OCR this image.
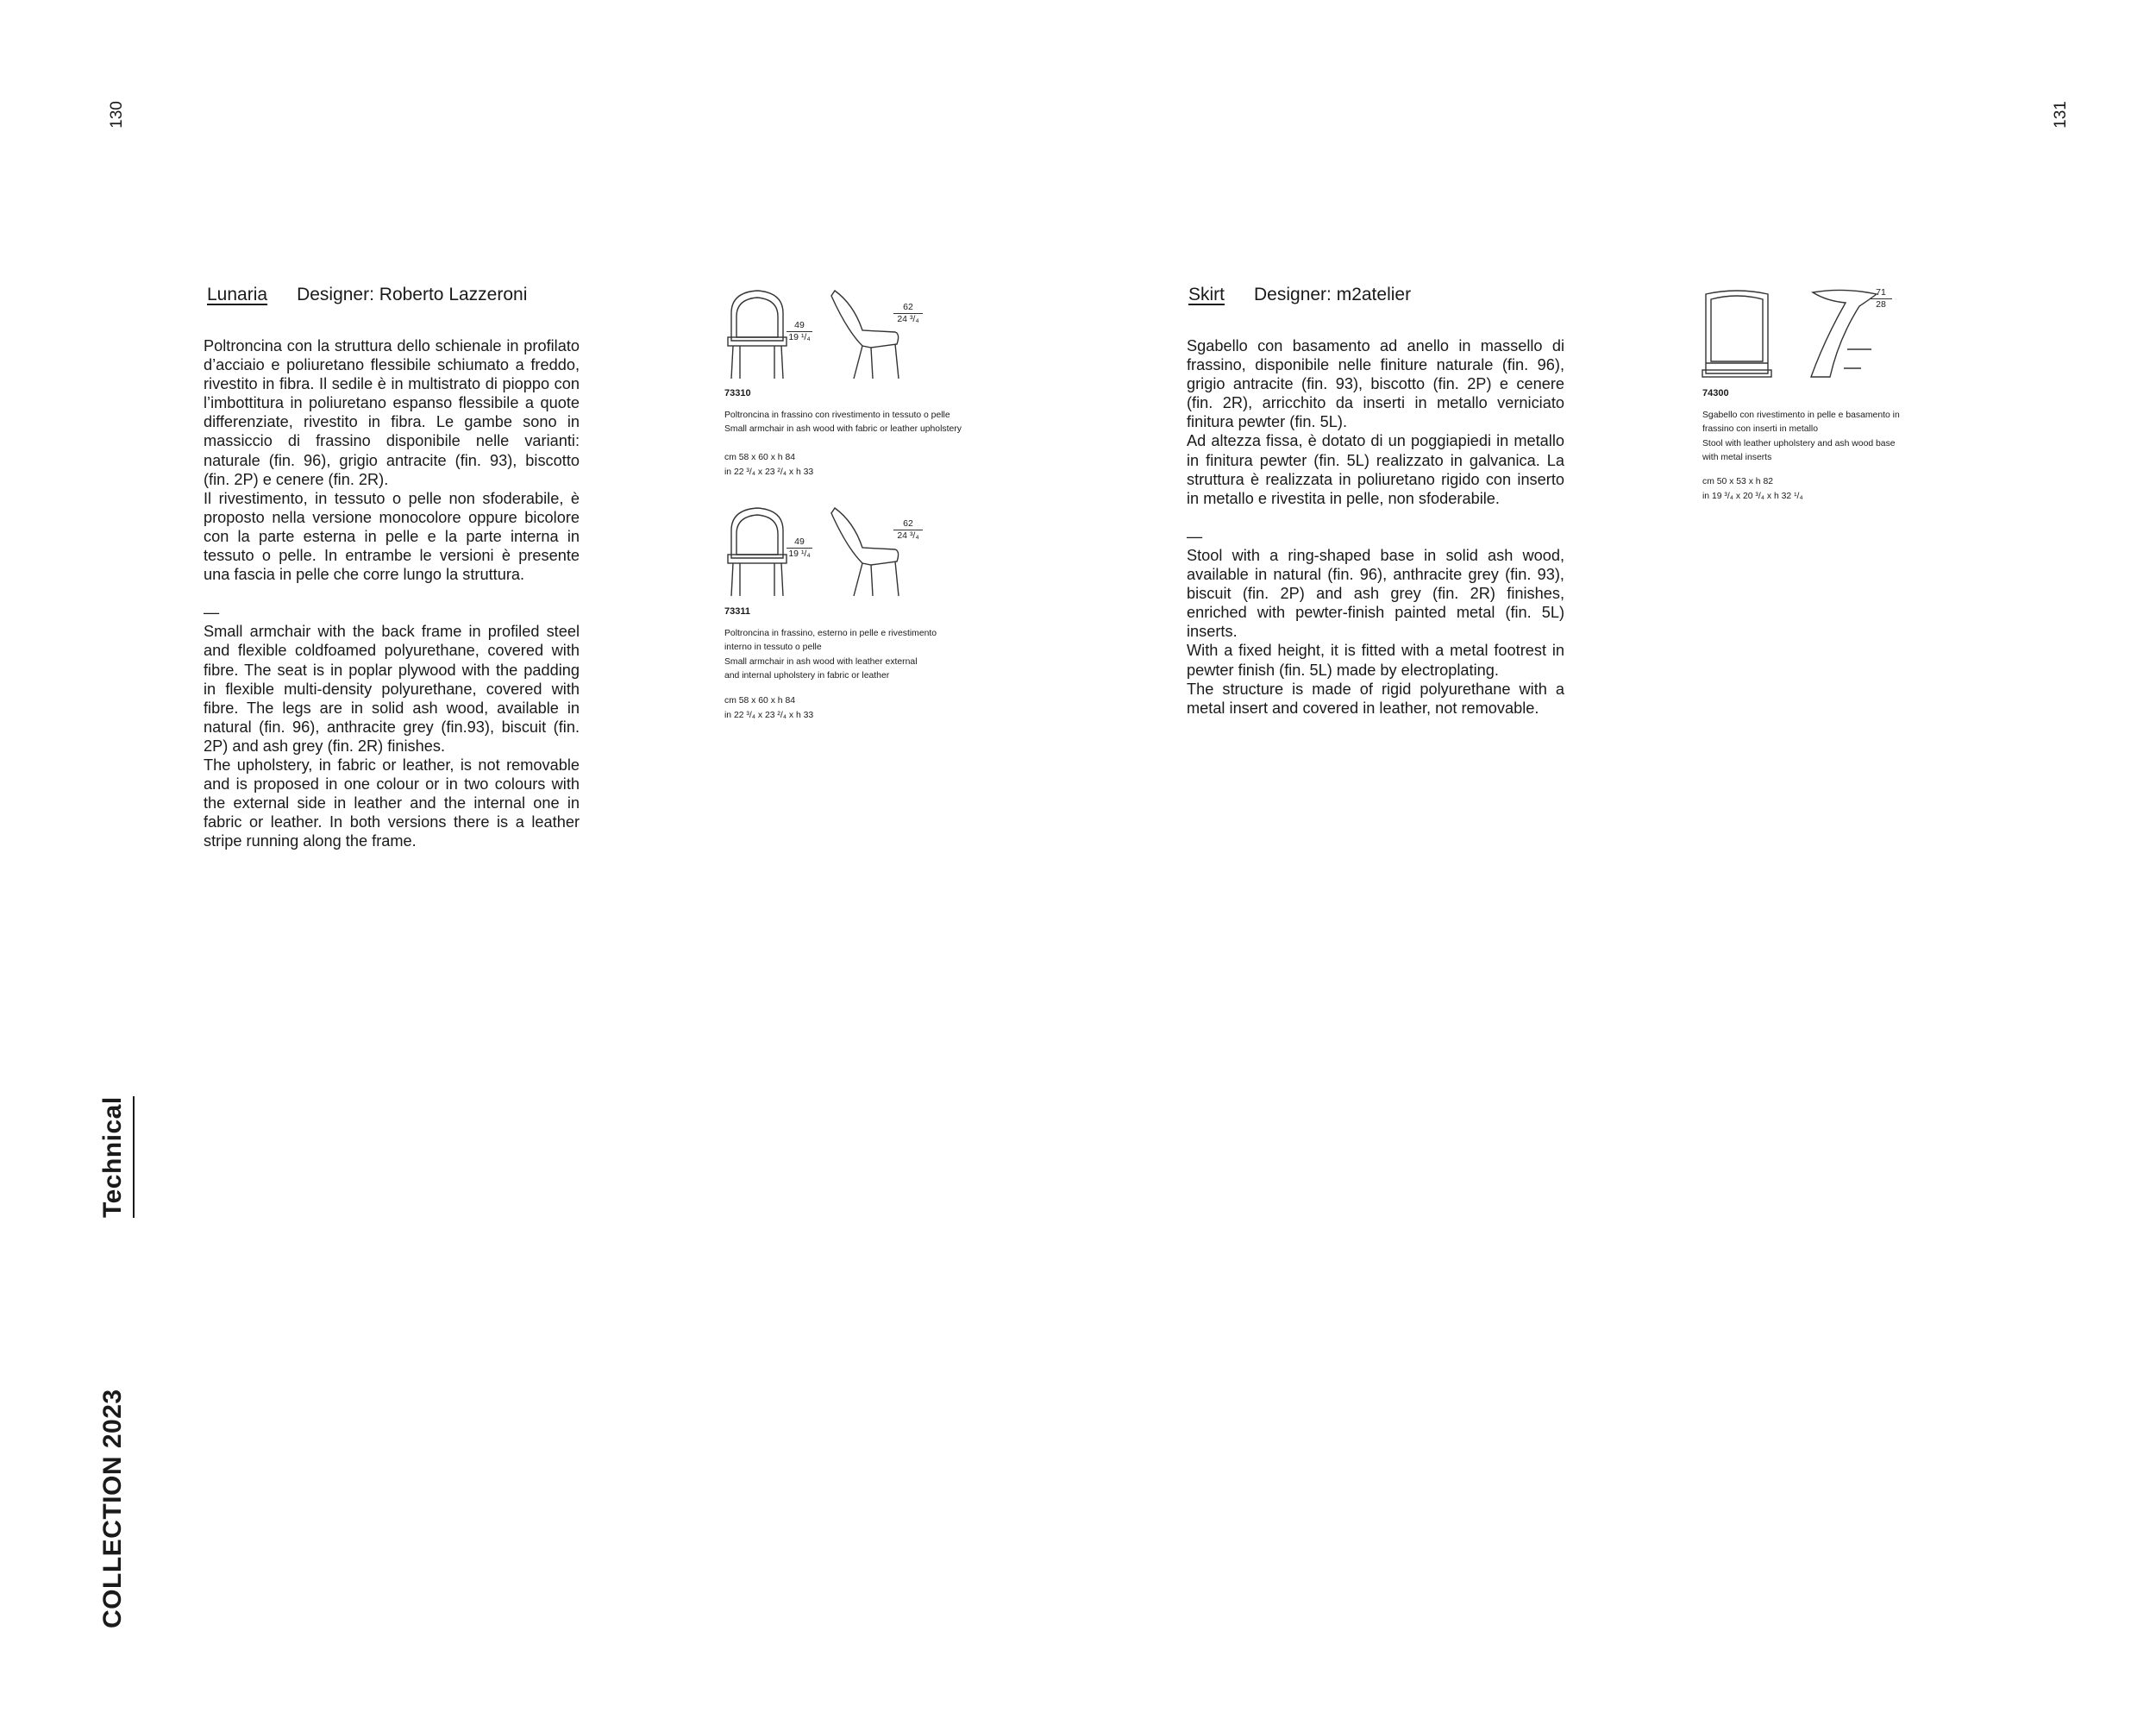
130	131
COLLECTION 2023
Technical
Lunaria Designer: Roberto Lazzeroni

Poltroncina con la struttura dello schienale in profilato d’acciaio e poliuretano flessibile schiumato a freddo, rivestito in fibra. Il sedile è in multistrato di pioppo con l’imbottitura in poliuretano espanso flessibile a quote differenziate, rivestito in fibra. Le gambe sono in massiccio di frassino disponibile nelle varianti: naturale (fin. 96), grigio antracite (fin. 93), biscotto (fin. 2P) e cenere (fin. 2R).

Il rivestimento, in tessuto o pelle non sfoderabile, è proposto nella versione monocolore oppure bicolore con la parte esterna in pelle e la parte interna in tessuto o pelle. In entrambe le versioni è presente una fascia in pelle che corre lungo la struttura.

—

Small armchair with the back frame in profiled steel and flexible coldfoamed polyurethane, covered with fibre. The seat is in poplar plywood with the padding in flexible multi-density polyurethane, covered with fibre. The legs are in solid ash wood, available in natural (fin. 96), anthracite grey (fin.93), biscuit (fin. 2P) and ash grey (fin. 2R) finishes.

The upholstery, in fabric or leather, is not removable and is proposed in one colour or in two colours with the external side in leather and the internal one in fabric or leather. In both versions there is a leather stripe running along the frame.

49
19 ¹/₄
62
24 ³/₄
73310
Poltroncina in frassino con rivestimento in tessuto o pelle
Small armchair in ash wood with fabric or leather upholstery
cm 58 x 60 x h 84
in 22 ³/₄ x 23 ²/₄ x h 33
49
19 ¹/₄
62
24 ³/₄
73311
Poltroncina in frassino, esterno in pelle e rivestimento
interno in tessuto o pelle
Small armchair in ash wood with leather external
and internal upholstery in fabric or leather
cm 58 x 60 x h 84
in 22 ³/₄ x 23 ²/₄ x h 33
Skirt Designer: m2atelier

Sgabello con basamento ad anello in massello di frassino, disponibile nelle finiture naturale (fin. 96), grigio antracite (fin. 93), biscotto (fin. 2P) e cenere (fin. 2R), arricchito da inserti in metallo verniciato finitura pewter (fin. 5L).

Ad altezza fissa, è dotato di un poggiapiedi in metallo in finitura pewter (fin. 5L) realizzato in galvanica. La struttura è realizzata in poliuretano rigido con inserto in metallo e rivestita in pelle, non sfoderabile.

—

Stool with a ring-shaped base in solid ash wood, available in natural (fin. 96), anthracite grey (fin. 93), biscuit (fin. 2P) and ash grey (fin. 2R) finishes, enriched with pewter-finish painted metal (fin. 5L) inserts.

With a fixed height, it is fitted with a metal footrest in pewter finish (fin. 5L) made by electroplating.

The structure is made of rigid polyurethane with a metal insert and covered in leather, not removable.

71
28
74300
Sgabello con rivestimento in pelle e basamento in
frassino con inserti in metallo
Stool with leather upholstery and ash wood base
with metal inserts
cm 50 x 53 x h 82
in 19 ³/₄ x 20 ³/₄ x h 32 ¹/₄
